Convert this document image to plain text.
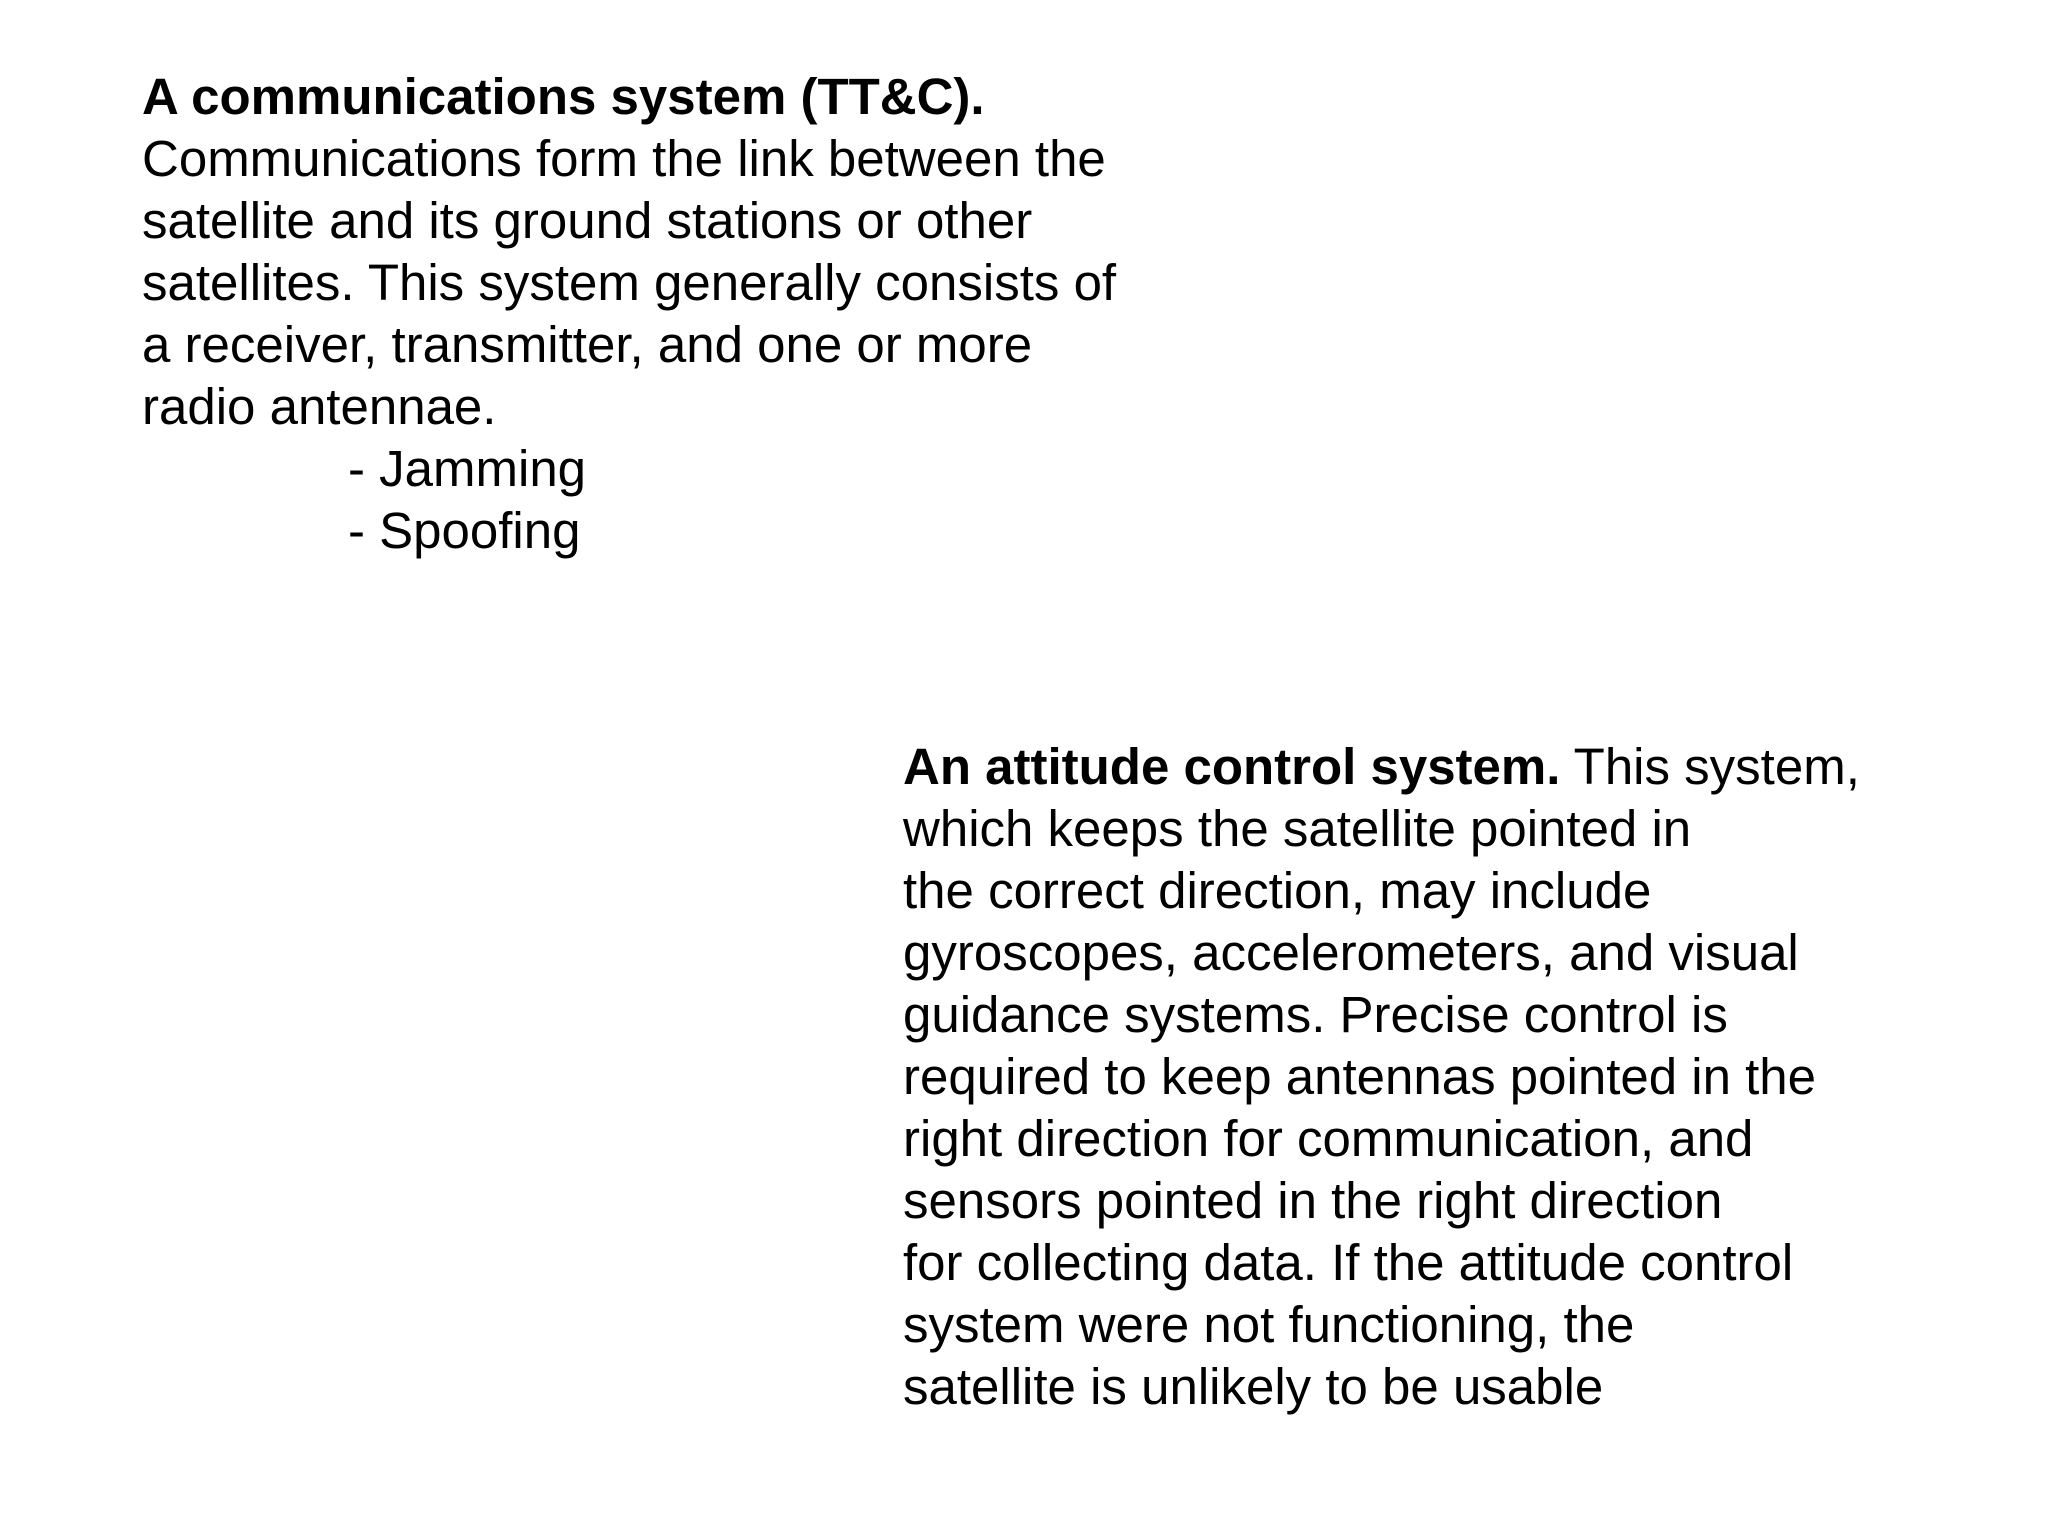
A communications system (TT&C).
Communications form the link between the
satellite and its ground stations or other
satellites. This system generally consists of
a receiver, transmitter, and one or more
radio antennae.
- Jamming
- Spoofing
An attitude control system. This system,
which keeps the satellite pointed in
the correct direction, may include
gyroscopes, accelerometers, and visual
guidance systems. Precise control is
required to keep antennas pointed in the
right direction for communication, and
sensors pointed in the right direction
for collecting data. If the attitude control
system were not functioning, the
satellite is unlikely to be usable
